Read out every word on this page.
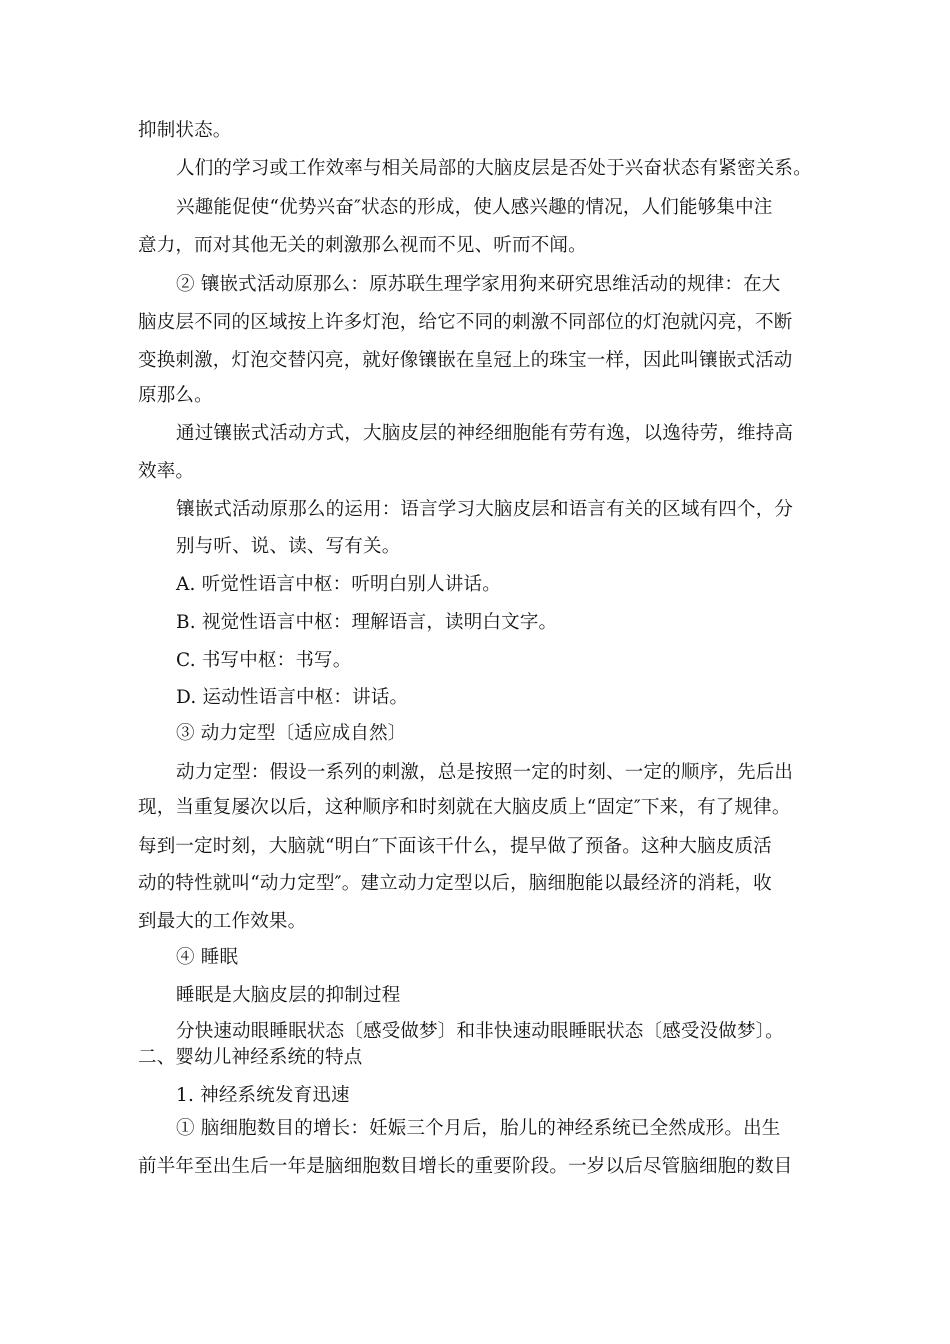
抑制状态。
人们的学习或工作效率与相关局部的大脑皮层是否处于兴奋状态有紧密关系。
兴趣能促使“优势兴奋″状态的形成，使人感兴趣的情况，人们能够集中注
意力，而对其他无关的刺激那么视而不见、听而不闻。
② 镶嵌式活动原那么：原苏联生理学家用狗来研究思维活动的规律：在大
脑皮层不同的区域按上许多灯泡，给它不同的刺激不同部位的灯泡就闪亮，不断
变换刺激，灯泡交替闪亮，就好像镶嵌在皇冠上的珠宝一样，因此叫镶嵌式活动
原那么。
通过镶嵌式活动方式，大脑皮层的神经细胞能有劳有逸，以逸待劳，维持高
效率。
镶嵌式活动原那么的运用：语言学习大脑皮层和语言有关的区域有四个，分
别与听、说、读、写有关。
A. 听觉性语言中枢：听明白别人讲话。
B. 视觉性语言中枢：理解语言，读明白文字。
C. 书写中枢：书写。
D. 运动性语言中枢：讲话。
③ 动力定型〔适应成自然〕
动力定型：假设一系列的刺激，总是按照一定的时刻、一定的顺序，先后出
现，当重复屡次以后，这种顺序和时刻就在大脑皮质上“固定″下来，有了规律。
每到一定时刻，大脑就“明白″下面该干什么，提早做了预备。这种大脑皮质活
动的特性就叫“动力定型″。建立动力定型以后，脑细胞能以最经济的消耗，收
到最大的工作效果。
④ 睡眠
睡眠是大脑皮层的抑制过程
分快速动眼睡眠状态〔感受做梦〕和非快速动眼睡眠状态〔感受没做梦〕。
二、婴幼儿神经系统的特点
1. 神经系统发育迅速
① 脑细胞数目的增长：妊娠三个月后，胎儿的神经系统已全然成形。出生
前半年至出生后一年是脑细胞数目增长的重要阶段。一岁以后尽管脑细胞的数目
